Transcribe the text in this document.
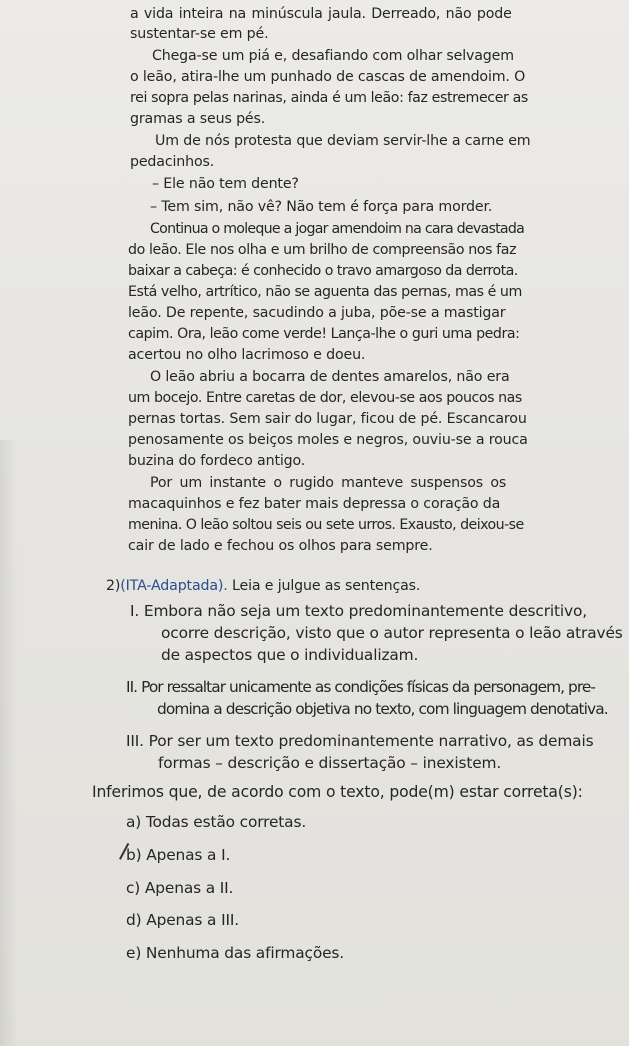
a vida inteira na minúscula jaula. Derreado, não pode
sustentar-se em pé.
Chega-se um piá e, desafiando com olhar selvagem
o leão, atira-lhe um punhado de cascas de amendoim. O
rei sopra pelas narinas, ainda é um leão: faz estremecer as
gramas a seus pés.
Um de nós protesta que deviam servir-lhe a carne em
pedacinhos.
– Ele não tem dente?
– Tem sim, não vê? Não tem é força para morder.
Continua o moleque a jogar amendoim na cara devastada
do leão. Ele nos olha e um brilho de compreensão nos faz
baixar a cabeça: é conhecido o travo amargoso da derrota.
Está velho, artrítico, não se aguenta das pernas, mas é um
leão. De repente, sacudindo a juba, põe-se a mastigar
capim. Ora, leão come verde! Lança-lhe o guri uma pedra:
acertou no olho lacrimoso e doeu.
O leão abriu a bocarra de dentes amarelos, não era
um bocejo. Entre caretas de dor, elevou-se aos poucos nas
pernas tortas. Sem sair do lugar, ficou de pé. Escancarou
penosamente os beiços moles e negros, ouviu-se a rouca
buzina do fordeco antigo.
Por um instante o rugido manteve suspensos os
macaquinhos e fez bater mais depressa o coração da
menina. O leão soltou seis ou sete urros. Exausto, deixou-se
cair de lado e fechou os olhos para sempre.
2)(ITA-Adaptada). Leia e julgue as sentenças.
I. Embora não seja um texto predominantemente descritivo,
ocorre descrição, visto que o autor representa o leão através
de aspectos que o individualizam.
II. Por ressaltar unicamente as condições físicas da personagem, pre-
domina a descrição objetiva no texto, com linguagem denotativa.
III. Por ser um texto predominantemente narrativo, as demais
formas – descrição e dissertação – inexistem.
Inferimos que, de acordo com o texto, pode(m) estar correta(s):
a) Todas estão corretas.
b) Apenas a I.
c) Apenas a II.
d) Apenas a III.
e) Nenhuma das afirmações.
